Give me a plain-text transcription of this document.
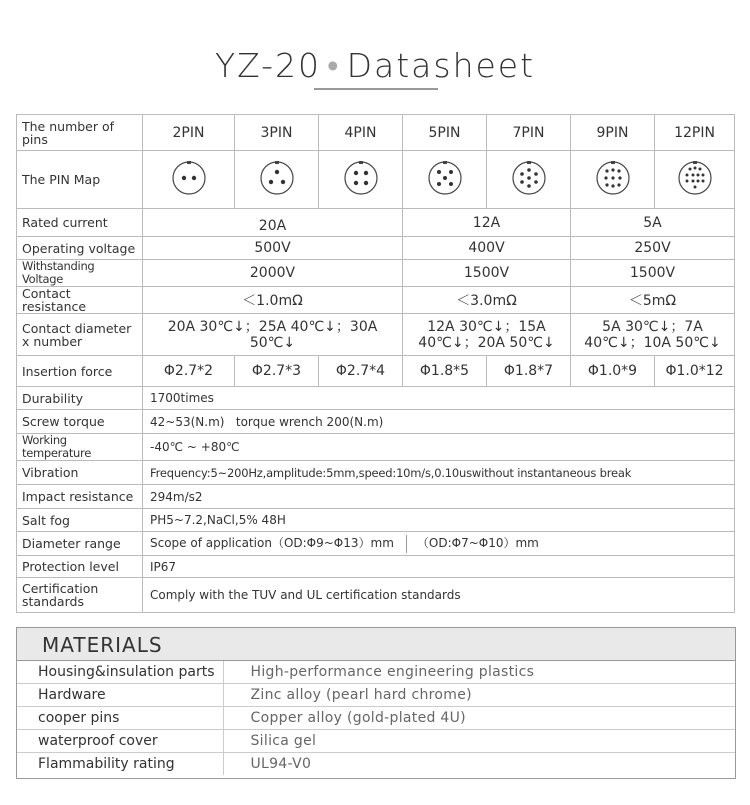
YZ-20 • Datasheet
The number of pins	2PIN	3PIN	4PIN	5PIN	7PIN	9PIN	12PIN
The PIN Map							
Rated current	20A			12A		5A	
Operating voltage	500V			400V		250V	
Withstanding Voltage	2000V			1500V		1500V	
Contact resistance	＜1.0mΩ			＜3.0mΩ		＜5mΩ	
Contact diameter x number	20A 30℃↓；25A 40℃↓；30A 50℃↓			12A 30℃↓；15A 40℃↓；20A 50℃↓		5A 30℃↓；7A 40℃↓；10A 50℃↓	
Insertion force	Φ2.7*2	Φ2.7*3	Φ2.7*4	Φ1.8*5	Φ1.8*7	Φ1.0*9	Φ1.0*12
Durability	1700times						
Screw torque	42~53(N.m)   torque wrench 200(N.m)						
Working temperature	-40℃ ~ +80℃						
Vibration	Frequency:5~200Hz,amplitude:5mm,speed:10m/s,0.10uswithout instantaneous break						
Impact resistance	294m/s2						
Salt fog	PH5~7.2,NaCl,5% 48H						
Diameter range	Scope of application（OD:Φ9~Φ13）mm （OD:Φ7~Φ10）mm						
Protection level	IP67						
Certification standards	Comply with the TUV and UL certification standards						
MATERIALS
Housing&insulation parts	High-performance engineering plastics
Hardware	Zinc alloy (pearl hard chrome)
cooper pins	Copper alloy (gold-plated 4U)
waterproof cover	Silica gel
Flammability rating	UL94-V0
